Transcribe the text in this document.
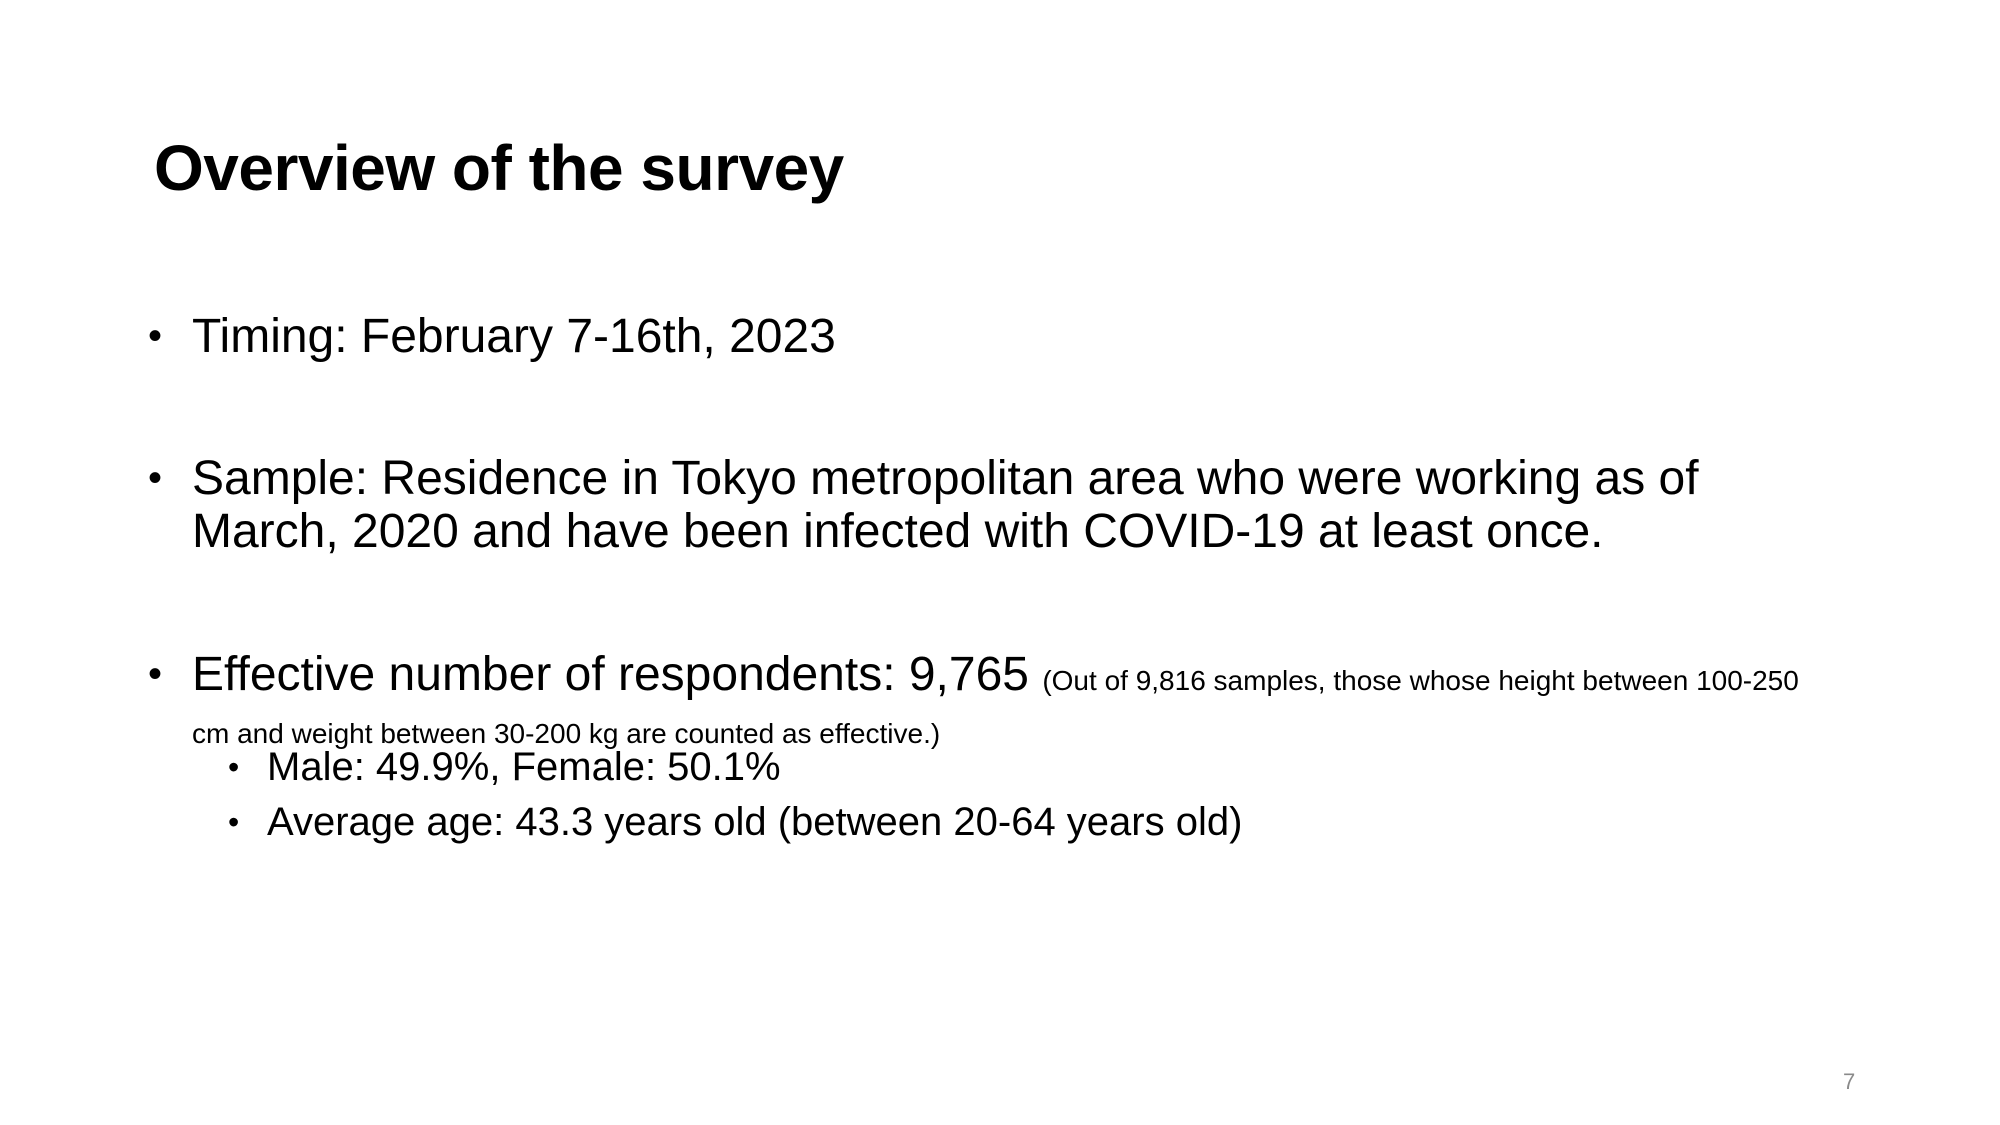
Overview of the survey
• Timing: February 7-16th, 2023
• Sample: Residence in Tokyo metropolitan area who were working as of March, 2020 and have been infected with COVID-19 at least once.
• Effective number of respondents: 9,765 (Out of 9,816 samples, those whose height between 100-250 cm and weight between 30-200 kg are counted as effective.)
• Male: 49.9%, Female: 50.1%
• Average age: 43.3 years old (between 20-64 years old)
7
